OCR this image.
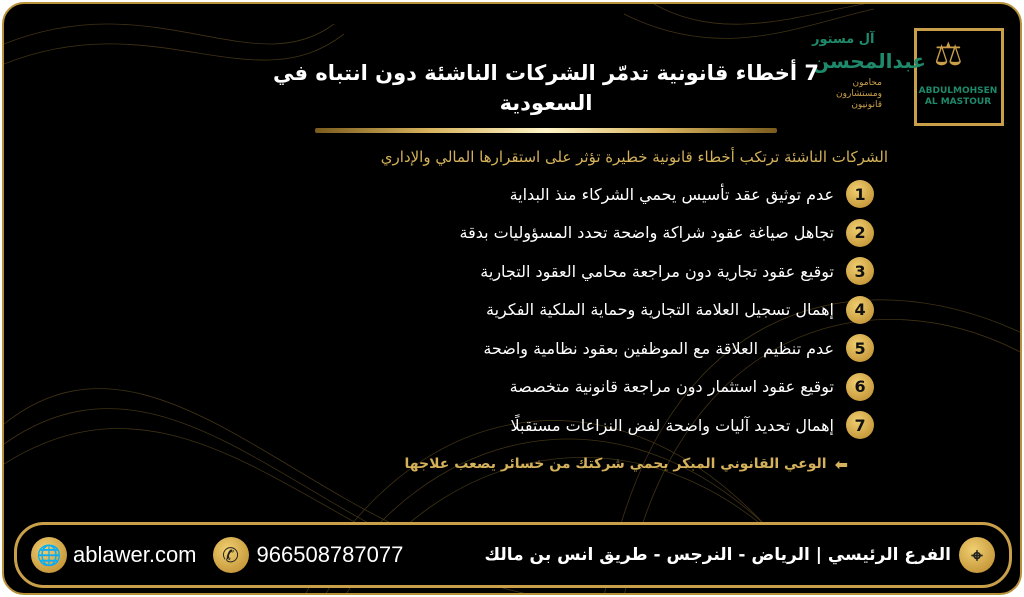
⚖
ABDULMOHSEN
AL MASTOUR
آل مستور
عبدالمحسن
محامون ومستشارون قانونيون
7 أخطاء قانونية تدمّر الشركات الناشئة دون انتباه في السعودية
الشركات الناشئة ترتكب أخطاء قانونية خطيرة تؤثر على استقرارها المالي والإداري
1
عدم توثيق عقد تأسيس يحمي الشركاء منذ البداية
2
تجاهل صياغة عقود شراكة واضحة تحدد المسؤوليات بدقة
3
توقيع عقود تجارية دون مراجعة محامي العقود التجارية
4
إهمال تسجيل العلامة التجارية وحماية الملكية الفكرية
5
عدم تنظيم العلاقة مع الموظفين بعقود نظامية واضحة
6
توقيع عقود استثمار دون مراجعة قانونية متخصصة
7
إهمال تحديد آليات واضحة لفض النزاعات مستقبلًا
⬅
الوعي القانوني المبكر يحمي شركتك من خسائر يصعب علاجها
🌐 ablawer.com	✆ 966508787077	⌖
الفرع الرئيسي | الرياض - النرجس - طريق انس بن مالك
